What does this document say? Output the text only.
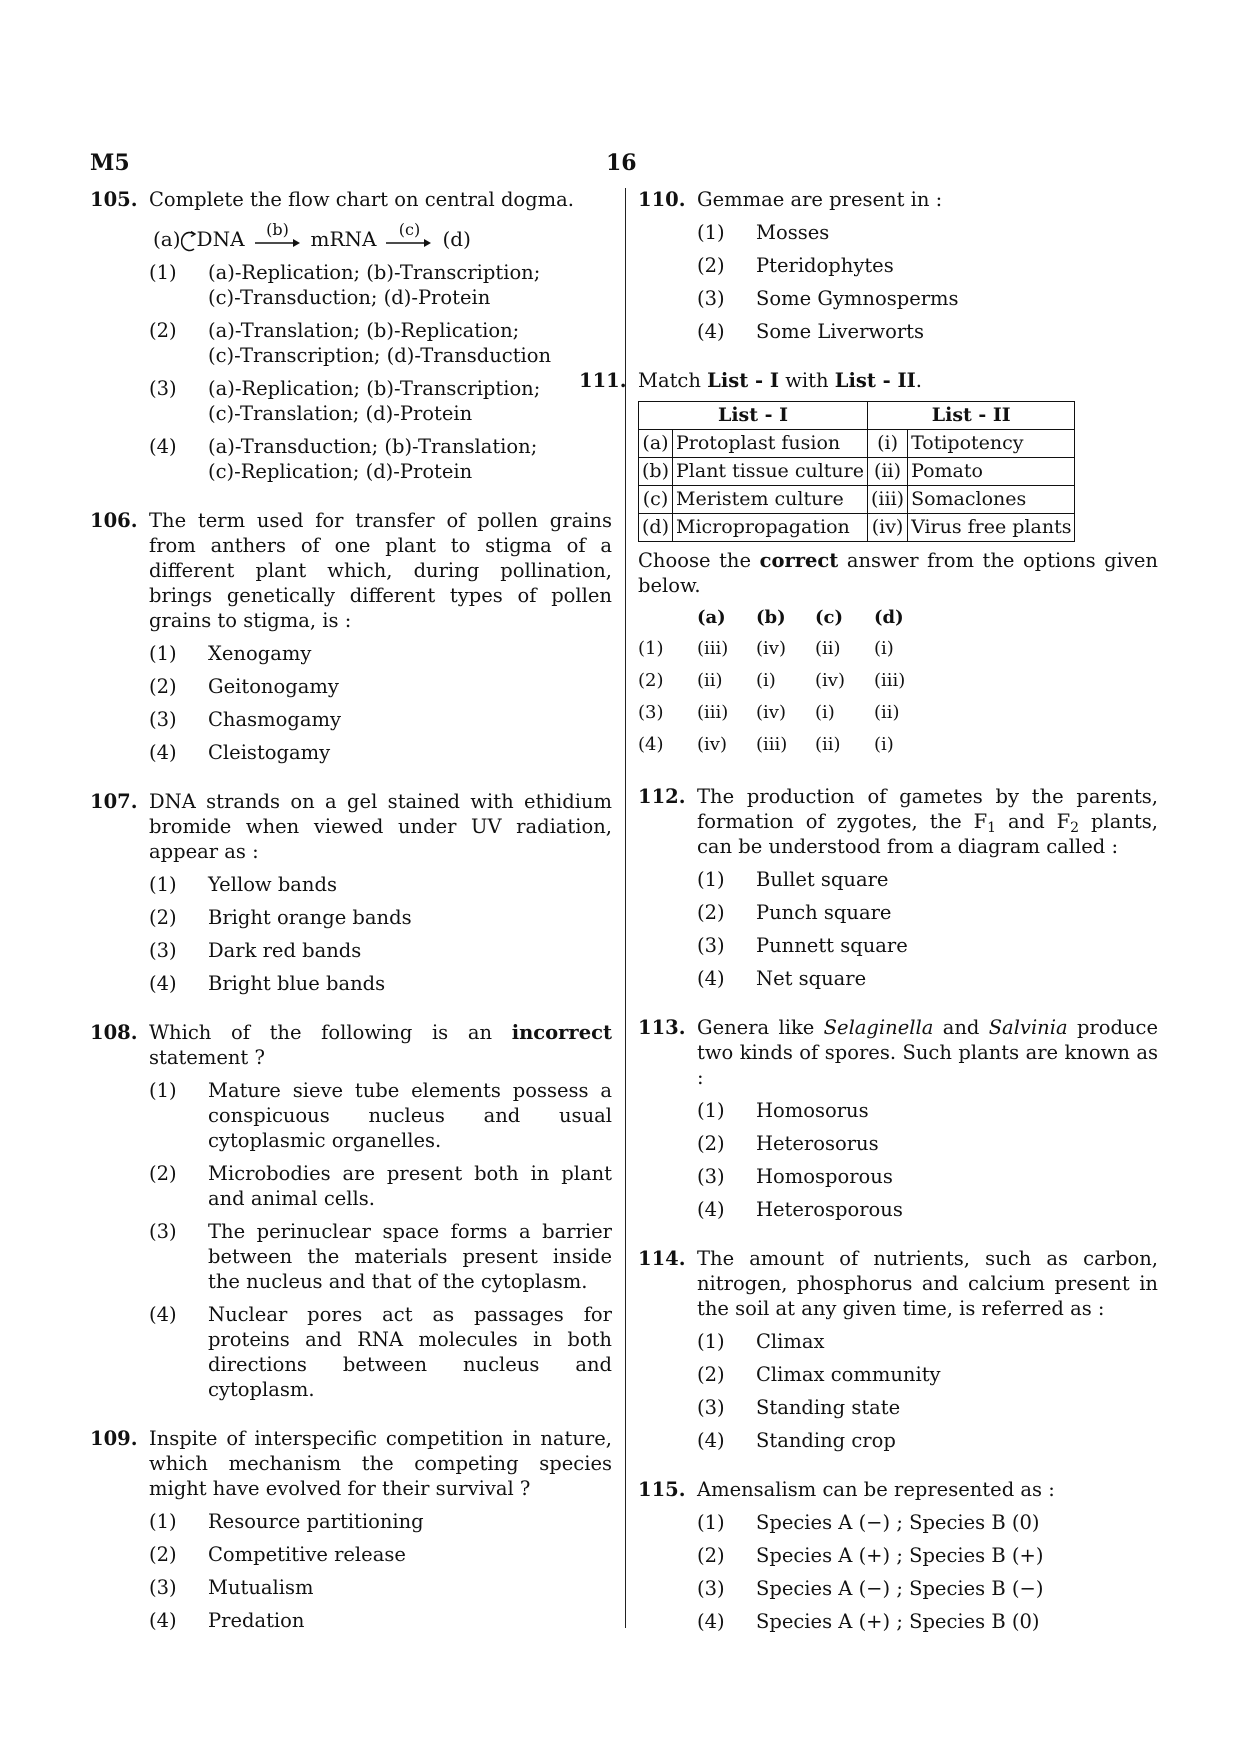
M5	16
105. Complete the flow chart on central dogma.
(a) DNA (b) mRNA (c) (d)
(1) (a)-Replication; (b)-Transcription;
(c)-Transduction; (d)-Protein
(2) (a)-Translation; (b)-Replication;
(c)-Transcription; (d)-Transduction
(3) (a)-Replication; (b)-Transcription;
(c)-Translation; (d)-Protein
(4) (a)-Transduction; (b)-Translation;
(c)-Replication; (d)-Protein
106. The term used for transfer of pollen grains from anthers of one plant to stigma of a different plant which, during pollination, brings genetically different types of pollen grains to stigma, is :
(1) Xenogamy
(2) Geitonogamy
(3) Chasmogamy
(4) Cleistogamy
107. DNA strands on a gel stained with ethidium bromide when viewed under UV radiation, appear as :
(1) Yellow bands
(2) Bright orange bands
(3) Dark red bands
(4) Bright blue bands
108. Which of the following is an incorrect statement ?
(1) Mature sieve tube elements possess a conspicuous nucleus and usual cytoplasmic organelles.
(2) Microbodies are present both in plant and animal cells.
(3) The perinuclear space forms a barrier between the materials present inside the nucleus and that of the cytoplasm.
(4) Nuclear pores act as passages for proteins and RNA molecules in both directions between nucleus and cytoplasm.
109. Inspite of interspecific competition in nature, which mechanism the competing species might have evolved for their survival ?
(1) Resource partitioning
(2) Competitive release
(3) Mutualism
(4) Predation
110. Gemmae are present in :
(1) Mosses
(2) Pteridophytes
(3) Some Gymnosperms
(4) Some Liverworts
111. Match List - I with List - II.
List - I		List - II	
(a)	Protoplast fusion	(i)	Totipotency
(b)	Plant tissue culture	(ii)	Pomato
(c)	Meristem culture	(iii)	Somaclones
(d)	Micropropagation	(iv)	Virus free plants
Choose the correct answer from the options given below.
	(a)	(b)	(c)	(d)
(1)	(iii)	(iv)	(ii)	(i)
(2)	(ii)	(i)	(iv)	(iii)
(3)	(iii)	(iv)	(i)	(ii)
(4)	(iv)	(iii)	(ii)	(i)
112. The production of gametes by the parents, formation of zygotes, the $F_1$ and $F_2$ plants, can be understood from a diagram called :
(1) Bullet square
(2) Punch square
(3) Punnett square
(4) Net square
113. Genera like Selaginella and Salvinia produce two kinds of spores. Such plants are known as :
(1) Homosorus
(2) Heterosorus
(3) Homosporous
(4) Heterosporous
114. The amount of nutrients, such as carbon, nitrogen, phosphorus and calcium present in the soil at any given time, is referred as :
(1) Climax
(2) Climax community
(3) Standing state
(4) Standing crop
115. Amensalism can be represented as :
(1) Species A (−) ; Species B (0)
(2) Species A (+) ; Species B (+)
(3) Species A (−) ; Species B (−)
(4) Species A (+) ; Species B (0)
